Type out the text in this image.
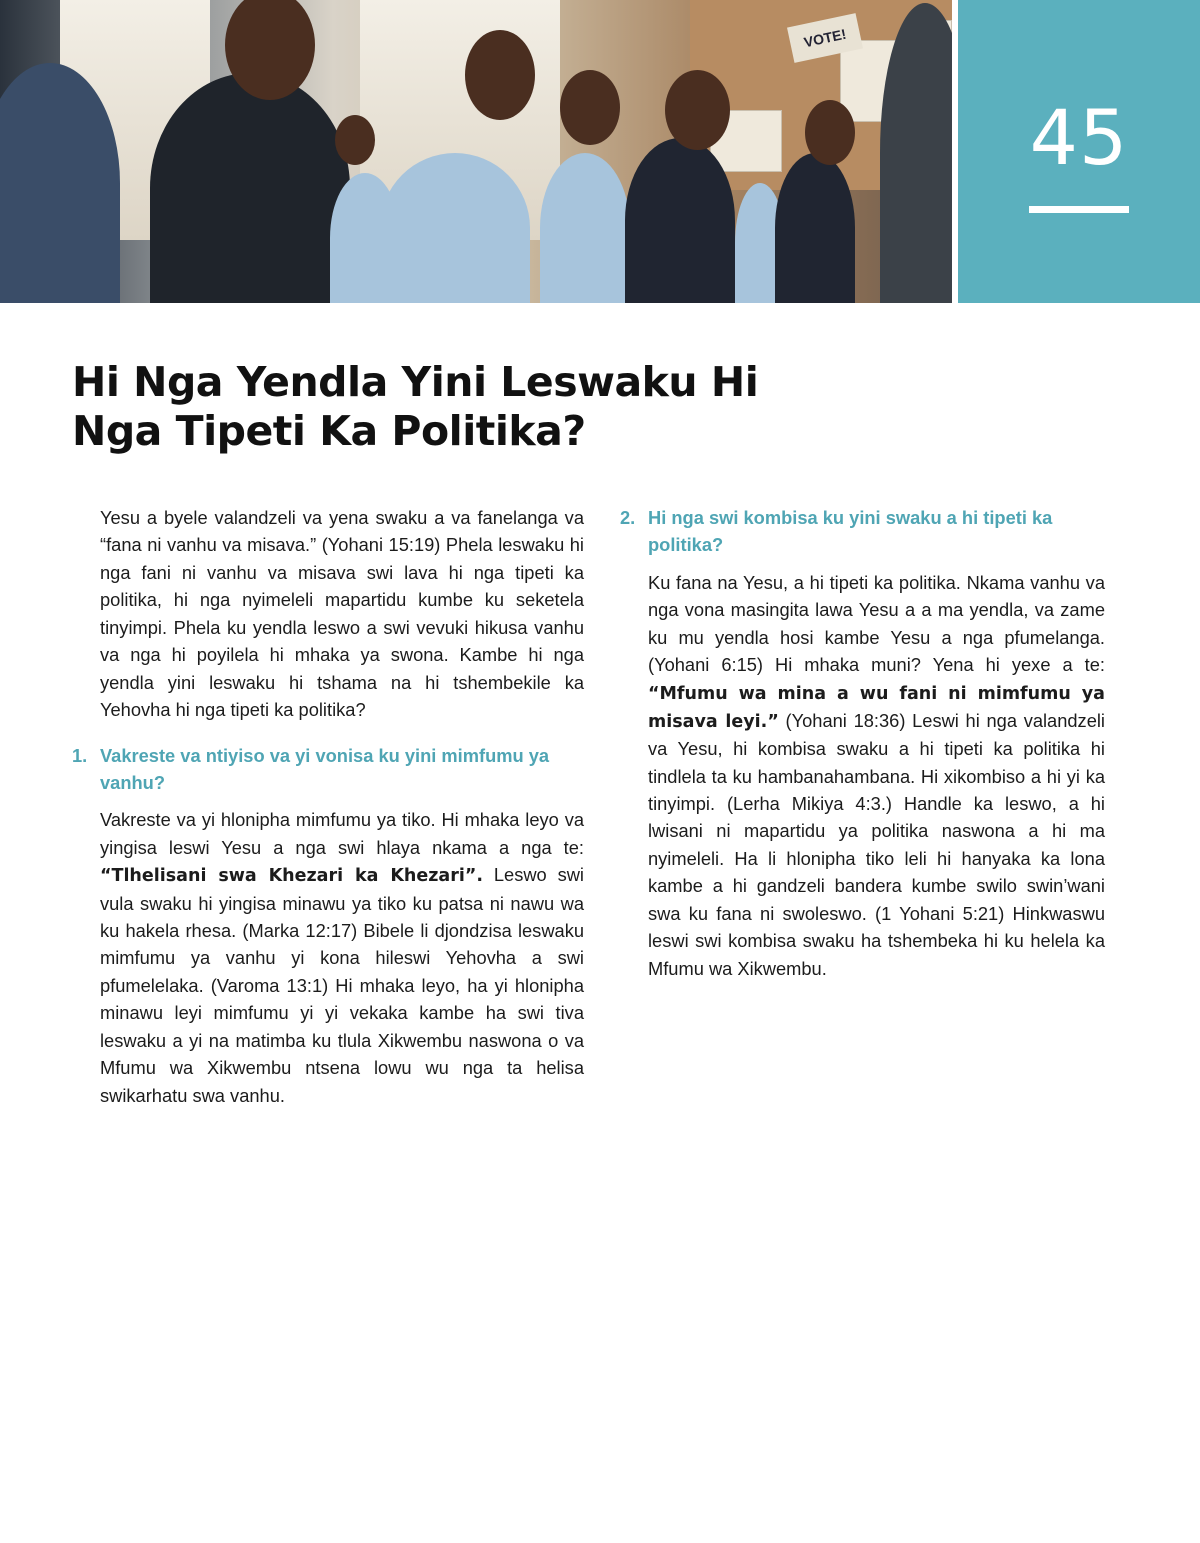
VOTE!
45
Hi Nga Yendla Yini Leswaku Hi
Nga Tipeti Ka Politika?

Yesu a byele valandzeli va yena swaku a va fanelanga va “fana ni vanhu va misava.” (Yohani 15:19) Phela leswaku hi nga fani ni vanhu va misava swi lava hi nga tipeti ka politika, hi nga nyimeleli mapartidu kumbe ku seketela tinyimpi. Phela ku yendla leswo a swi vevuki hikusa vanhu va nga hi poyilela hi mhaka ya swona. Kambe hi nga yendla yini leswaku hi tshama na hi tshembekile ka Yehovha hi nga tipeti ka politika?

1. Vakreste va ntiyiso va yi vonisa ku yini mimfumu ya vanhu?

Vakreste va yi hlonipha mimfumu ya tiko. Hi mhaka leyo va yingisa leswi Yesu a nga swi hlaya nkama a nga te: “Tlhelisani swa Khezari ka Khezari”. Leswo swi vula swaku hi yingisa minawu ya tiko ku patsa ni nawu wa ku hakela rhesa. (Marka 12:17) Bibele li djondzisa leswaku mimfumu ya vanhu yi kona hileswi Yehovha a swi pfumelelaka. (Varoma 13:1) Hi mhaka leyo, ha yi hlonipha minawu leyi mimfumu yi yi vekaka kambe ha swi tiva leswaku a yi na matimba ku tlula Xikwembu naswona o va Mfumu wa Xikwembu ntsena lowu wu nga ta helisa swikarhatu swa vanhu.

2. Hi nga swi kombisa ku yini swaku a hi tipeti ka politika?

Ku fana na Yesu, a hi tipeti ka politika. Nkama vanhu va nga vona masingita lawa Yesu a a ma yendla, va zame ku mu yendla hosi kambe Yesu a nga pfumelanga. (Yohani 6:15) Hi mhaka muni? Yena hi yexe a te: “Mfumu wa mina a wu fani ni mimfumu ya misava leyi.” (Yohani 18:36) Leswi hi nga valandzeli va Yesu, hi kombisa swaku a hi tipeti ka politika hi tindlela ta ku hambanahambana. Hi xikombiso a hi yi ka tinyimpi. (Lerha Mikiya 4:3.) Handle ka leswo, a hi lwisani ni mapartidu ya politika naswona a hi ma nyimeleli. Ha li hlonipha tiko leli hi hanyaka ka lona kambe a hi gandzeli bandera kumbe swilo swin’wani swa ku fana ni swoleswo. (1 Yohani 5:21) Hinkwaswu leswi swi kombisa swaku ha tshembeka hi ku helela ka Mfumu wa Xikwembu.
